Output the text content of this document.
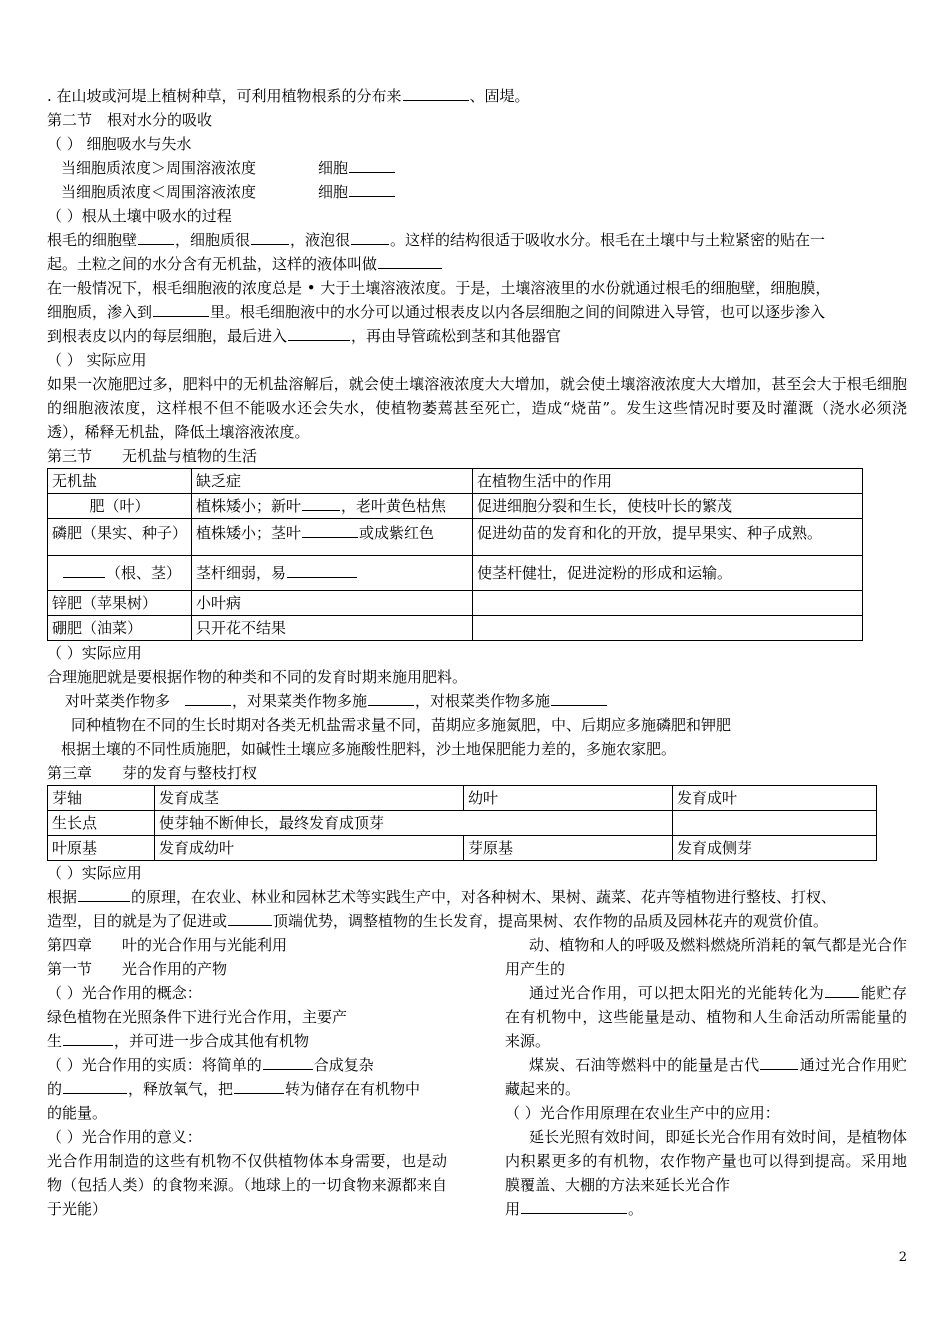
. 在山坡或河堤上植树种草，可利用植物根系的分布来	、固堤。
第二节　根对水分的吸收
（ ） 细胞吸水与失水
当细胞质浓度＞周围溶液浓度	细胞
当细胞质浓度＜周围溶液浓度	细胞
（ ）根从土壤中吸水的过程
根毛的细胞壁	，细胞质很	，液泡很	。这样的结构很适于吸收水分。根毛在土壤中与土粒紧密的贴在一
起。土粒之间的水分含有无机盐，这样的液体叫做
在一般情况下，根毛细胞液的浓度总是 • 大于土壤溶液浓度。于是，土壤溶液里的水份就通过根毛的细胞壁，细胞膜，
细胞质，渗入到	里。根毛细胞液中的水分可以通过根表皮以内各层细胞之间的间隙进入导管，也可以逐步渗入
到根表皮以内的每层细胞，最后进入	，再由导管疏松到茎和其他器官
（ ） 实际应用
如果一次施肥过多，肥料中的无机盐溶解后，就会使土壤溶液浓度大大增加，就会使土壤溶液浓度大大增加，甚至会大于根毛细胞的细胞液浓度，这样根不但不能吸水还会失水，使植物萎蔫甚至死亡，造成“烧苗”。发生这些情况时要及时灌溉（浇水必须浇透），稀释无机盐，降低土壤溶液浓度。
第三节　　无机盐与植物的生活
无机盐	缺乏症	在植物生活中的作用
肥（叶）	植株矮小；新叶 ，老叶黄色枯焦	促进细胞分裂和生长，使枝叶长的繁茂
磷肥（果实、种子）	植株矮小；茎叶 或成紫红色	促进幼苗的发育和化的开放，提早果实、种子成熟。
（根、茎）	茎杆细弱，易	使茎杆健壮，促进淀粉的形成和运输。
锌肥（苹果树）	小叶病	
硼肥（油菜）	只开花不结果	
（ ）实际应用
合理施肥就是要根据作物的种类和不同的发育时期来施用肥料。
对叶菜类作物多	，对果菜类作物多施	，对根菜类作物多施
同种植物在不同的生长时期对各类无机盐需求量不同，苗期应多施氮肥，中、后期应多施磷肥和钾肥
根据土壤的不同性质施肥，如碱性土壤应多施酸性肥料，沙土地保肥能力差的，多施农家肥。
第三章　　芽的发育与整枝打杈
芽轴	发育成茎	幼叶	发育成叶
生长点	使芽轴不断伸长，最终发育成顶芽		
叶原基	发育成幼叶	芽原基	发育成侧芽
（ ）实际应用
根据	的原理，在农业、林业和园林艺术等实践生产中，对各种树木、果树、蔬菜、花卉等植物进行整枝、打杈、
造型，目的就是为了促进或	顶端优势，调整植物的生长发育，提高果树、农作物的品质及园林花卉的观赏价值。
第四章　　叶的光合作用与光能利用
第一节　　光合作用的产物
（ ）光合作用的概念：
绿色植物在光照条件下进行光合作用，主要产
生	，并可进一步合成其他有机物
（ ）光合作用的实质：将简单的	合成复杂
的	，释放氧气，把	转为储存在有机物中
的能量。
（ ）光合作用的意义：
光合作用制造的这些有机物不仅供植物体本身需要，也是动物（包括人类）的食物来源。（地球上的一切食物来源都来自于光能）
动、植物和人的呼吸及燃料燃烧所消耗的氧气都是光合作用产生的
通过光合作用，可以把太阳光的光能转化为 能贮存在有机物中，这些能量是动、植物和人生命活动所需能量的来源。
煤炭、石油等燃料中的能量是古代	通过光合作用贮藏起来的。
（ ）光合作用原理在农业生产中的应用：
延长光照有效时间，即延长光合作用有效时间，是植物体内积累更多的有机物，农作物产量也可以得到提高。采用地膜覆盖、大棚的方法来延长光合作
用	。
2
